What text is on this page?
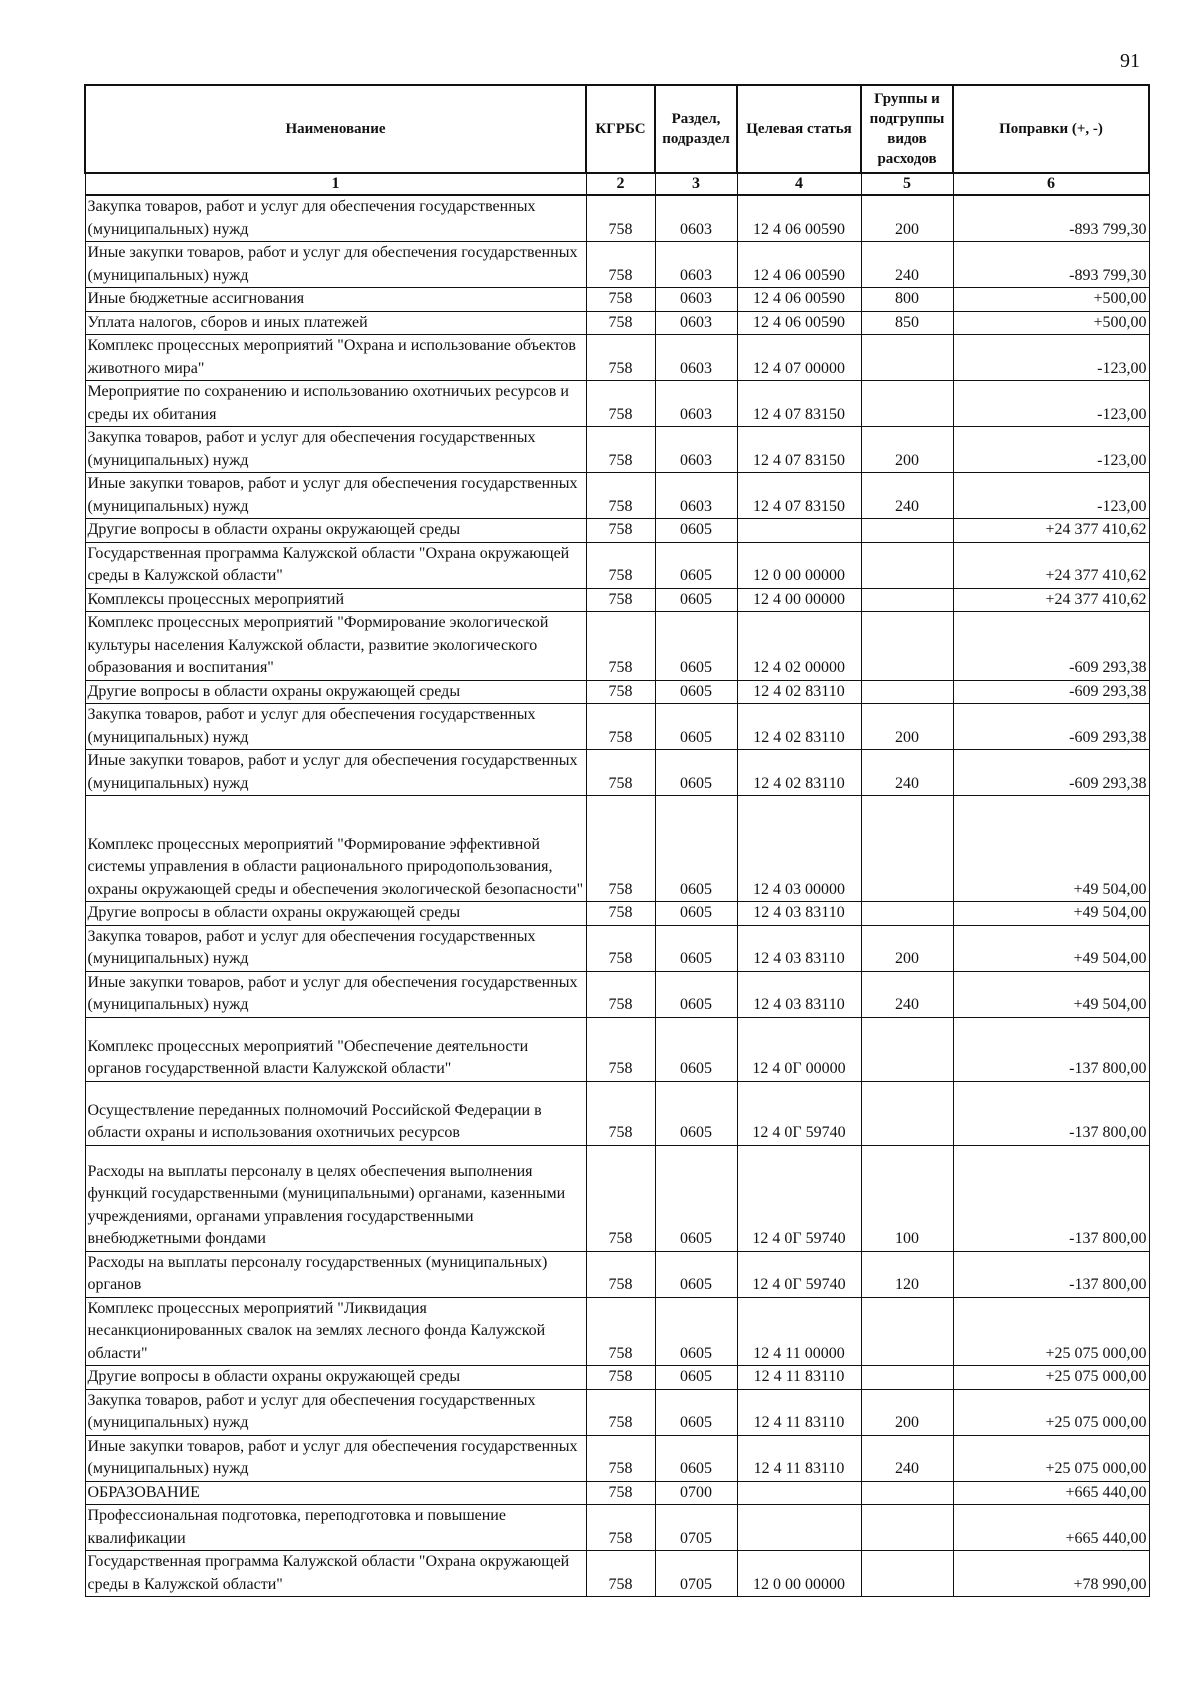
91
Наименование	КГРБС	Раздел, подраздел	Целевая статья	Группы и подгруппы видов расходов	Поправки (+, -)
1	2	3	4	5	6
Закупка товаров, работ и услуг для обеспечения государственных (муниципальных) нужд	758	0603	12 4 06 00590	200	-893 799,30
Иные закупки товаров, работ и услуг для обеспечения государственных (муниципальных) нужд	758	0603	12 4 06 00590	240	-893 799,30
Иные бюджетные ассигнования	758	0603	12 4 06 00590	800	+500,00
Уплата налогов, сборов и иных платежей	758	0603	12 4 06 00590	850	+500,00
Комплекс процессных мероприятий "Охрана и использование объектов животного мира"	758	0603	12 4 07 00000		-123,00
Мероприятие по сохранению и использованию охотничьих ресурсов и среды их обитания	758	0603	12 4 07 83150		-123,00
Закупка товаров, работ и услуг для обеспечения государственных (муниципальных) нужд	758	0603	12 4 07 83150	200	-123,00
Иные закупки товаров, работ и услуг для обеспечения государственных (муниципальных) нужд	758	0603	12 4 07 83150	240	-123,00
Другие вопросы в области охраны окружающей среды	758	0605			+24 377 410,62
Государственная программа Калужской области "Охрана окружающей среды в Калужской области"	758	0605	12 0 00 00000		+24 377 410,62
Комплексы процессных мероприятий	758	0605	12 4 00 00000		+24 377 410,62
Комплекс процессных мероприятий "Формирование экологической культуры населения Калужской области, развитие экологического образования и воспитания"	758	0605	12 4 02 00000		-609 293,38
Другие вопросы в области охраны окружающей среды	758	0605	12 4 02 83110		-609 293,38
Закупка товаров, работ и услуг для обеспечения государственных (муниципальных) нужд	758	0605	12 4 02 83110	200	-609 293,38
Иные закупки товаров, работ и услуг для обеспечения государственных (муниципальных) нужд	758	0605	12 4 02 83110	240	-609 293,38
Комплекс процессных мероприятий "Формирование эффективной системы управления в области рационального природопользования, охраны окружающей среды и обеспечения экологической безопасности"	758	0605	12 4 03 00000		+49 504,00
Другие вопросы в области охраны окружающей среды	758	0605	12 4 03 83110		+49 504,00
Закупка товаров, работ и услуг для обеспечения государственных (муниципальных) нужд	758	0605	12 4 03 83110	200	+49 504,00
Иные закупки товаров, работ и услуг для обеспечения государственных (муниципальных) нужд	758	0605	12 4 03 83110	240	+49 504,00
Комплекс процессных мероприятий "Обеспечение деятельности органов государственной власти Калужской области"	758	0605	12 4 0Г 00000		-137 800,00
Осуществление переданных полномочий Российской Федерации в области охраны и использования охотничьих ресурсов	758	0605	12 4 0Г 59740		-137 800,00
Расходы на выплаты персоналу в целях обеспечения выполнения функций государственными (муниципальными) органами, казенными учреждениями, органами управления государственными внебюджетными фондами	758	0605	12 4 0Г 59740	100	-137 800,00
Расходы на выплаты персоналу государственных (муниципальных) органов	758	0605	12 4 0Г 59740	120	-137 800,00
Комплекс процессных мероприятий "Ликвидация несанкционированных свалок на землях лесного фонда Калужской области"	758	0605	12 4 11 00000		+25 075 000,00
Другие вопросы в области охраны окружающей среды	758	0605	12 4 11 83110		+25 075 000,00
Закупка товаров, работ и услуг для обеспечения государственных (муниципальных) нужд	758	0605	12 4 11 83110	200	+25 075 000,00
Иные закупки товаров, работ и услуг для обеспечения государственных (муниципальных) нужд	758	0605	12 4 11 83110	240	+25 075 000,00
ОБРАЗОВАНИЕ	758	0700			+665 440,00
Профессиональная подготовка, переподготовка и повышение квалификации	758	0705			+665 440,00
Государственная программа Калужской области "Охрана окружающей среды в Калужской области"	758	0705	12 0 00 00000		+78 990,00
